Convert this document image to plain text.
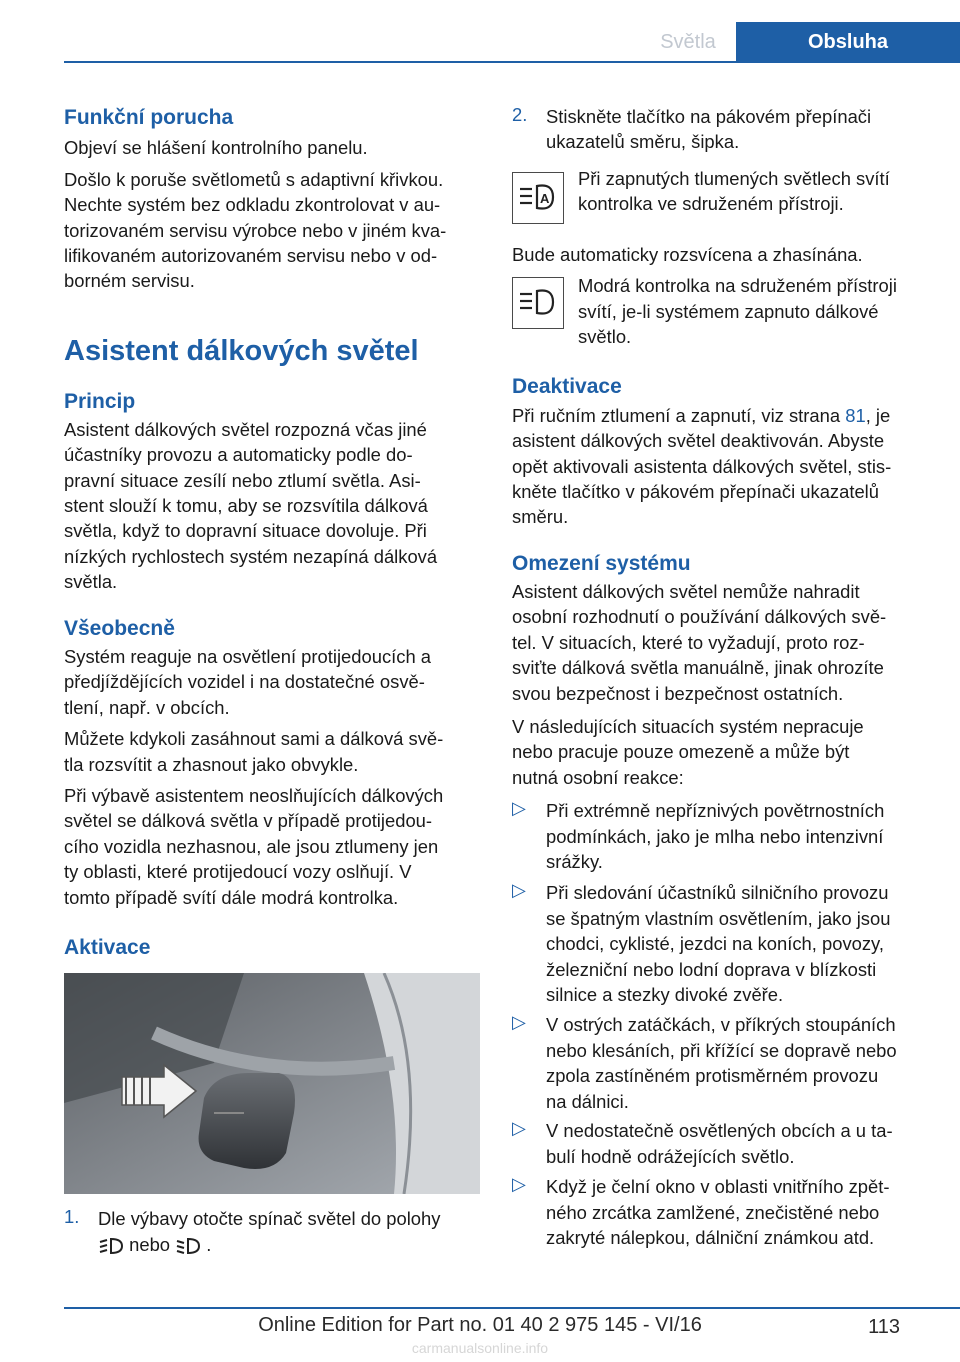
Světla	Obsluha
Funkční porucha

Objeví se hlášení kontrolního panelu.

Došlo k poruše světlometů s adaptivní křivkou.
Nechte systém bez odkladu zkontrolovat v au-
torizovaném servisu výrobce nebo v jiném kva-
lifikovaném autorizovaném servisu nebo v od-
borném servisu.

Asistent dálkových světel
Princip

Asistent dálkových světel rozpozná včas jiné
účastníky provozu a automaticky podle do-
pravní situace zesílí nebo ztlumí světla. Asi-
stent slouží k tomu, aby se rozsvítila dálková
světla, když to dopravní situace dovoluje. Při
nízkých rychlostech systém nezapíná dálková
světla.

Všeobecně

Systém reaguje na osvětlení protijedoucích a
předjíždějících vozidel i na dostatečné osvě-
tlení, např. v obcích.

Můžete kdykoli zasáhnout sami a dálková svě-
tla rozsvítit a zhasnout jako obvykle.

Při výbavě asistentem neoslňujících dálkových
světel se dálková světla v případě protijedou-
cího vozidla nezhasnou, ale jsou ztlumeny jen
ty oblasti, které protijedoucí vozy oslňují. V
tomto případě svítí dále modrá kontrolka.

Aktivace
1. Dle výbavy otočte spínač světel do polohy
nebo .

2. Stiskněte tlačítko na pákovém přepínači
ukazatelů směru, šipka.

A

Při zapnutých tlumených světlech svítí
kontrolka ve sdruženém přístroji.

Bude automaticky rozsvícena a zhasínána.

Modrá kontrolka na sdruženém přístroji
svítí, je-li systémem zapnuto dálkové
světlo.

Deaktivace

Při ručním ztlumení a zapnutí, viz strana 81, je
asistent dálkových světel deaktivován. Abyste
opět aktivovali asistenta dálkových světel, stis-
kněte tlačítko v pákovém přepínači ukazatelů
směru.

Omezení systému

Asistent dálkových světel nemůže nahradit
osobní rozhodnutí o používání dálkových svě-
tel. V situacích, které to vyžadují, proto roz-
sviťte dálková světla manuálně, jinak ohrozíte
svou bezpečnost i bezpečnost ostatních.

V následujících situacích systém nepracuje
nebo pracuje pouze omezeně a může být
nutná osobní reakce:

▷ Při extrémně nepříznivých povětrnostních
podmínkách, jako je mlha nebo intenzivní
srážky.

▷ Při sledování účastníků silničního provozu
se špatným vlastním osvětlením, jako jsou
chodci, cyklisté, jezdci na koních, povozy,
železniční nebo lodní doprava v blízkosti
silnice a stezky divoké zvěře.

▷ V ostrých zatáčkách, v příkrých stoupáních
nebo klesáních, při křížící se dopravě nebo
zpola zastíněném protisměrném provozu
na dálnici.

▷ V nedostatečně osvětlených obcích a u ta-
bulí hodně odrážejících světlo.

▷ Když je čelní okno v oblasti vnitřního zpět-
ného zrcátka zamlžené, znečistěné nebo
zakryté nálepkou, dálniční známkou atd.

113
Online Edition for Part no. 01 40 2 975 145 - VI/16
carmanualsonline.info
